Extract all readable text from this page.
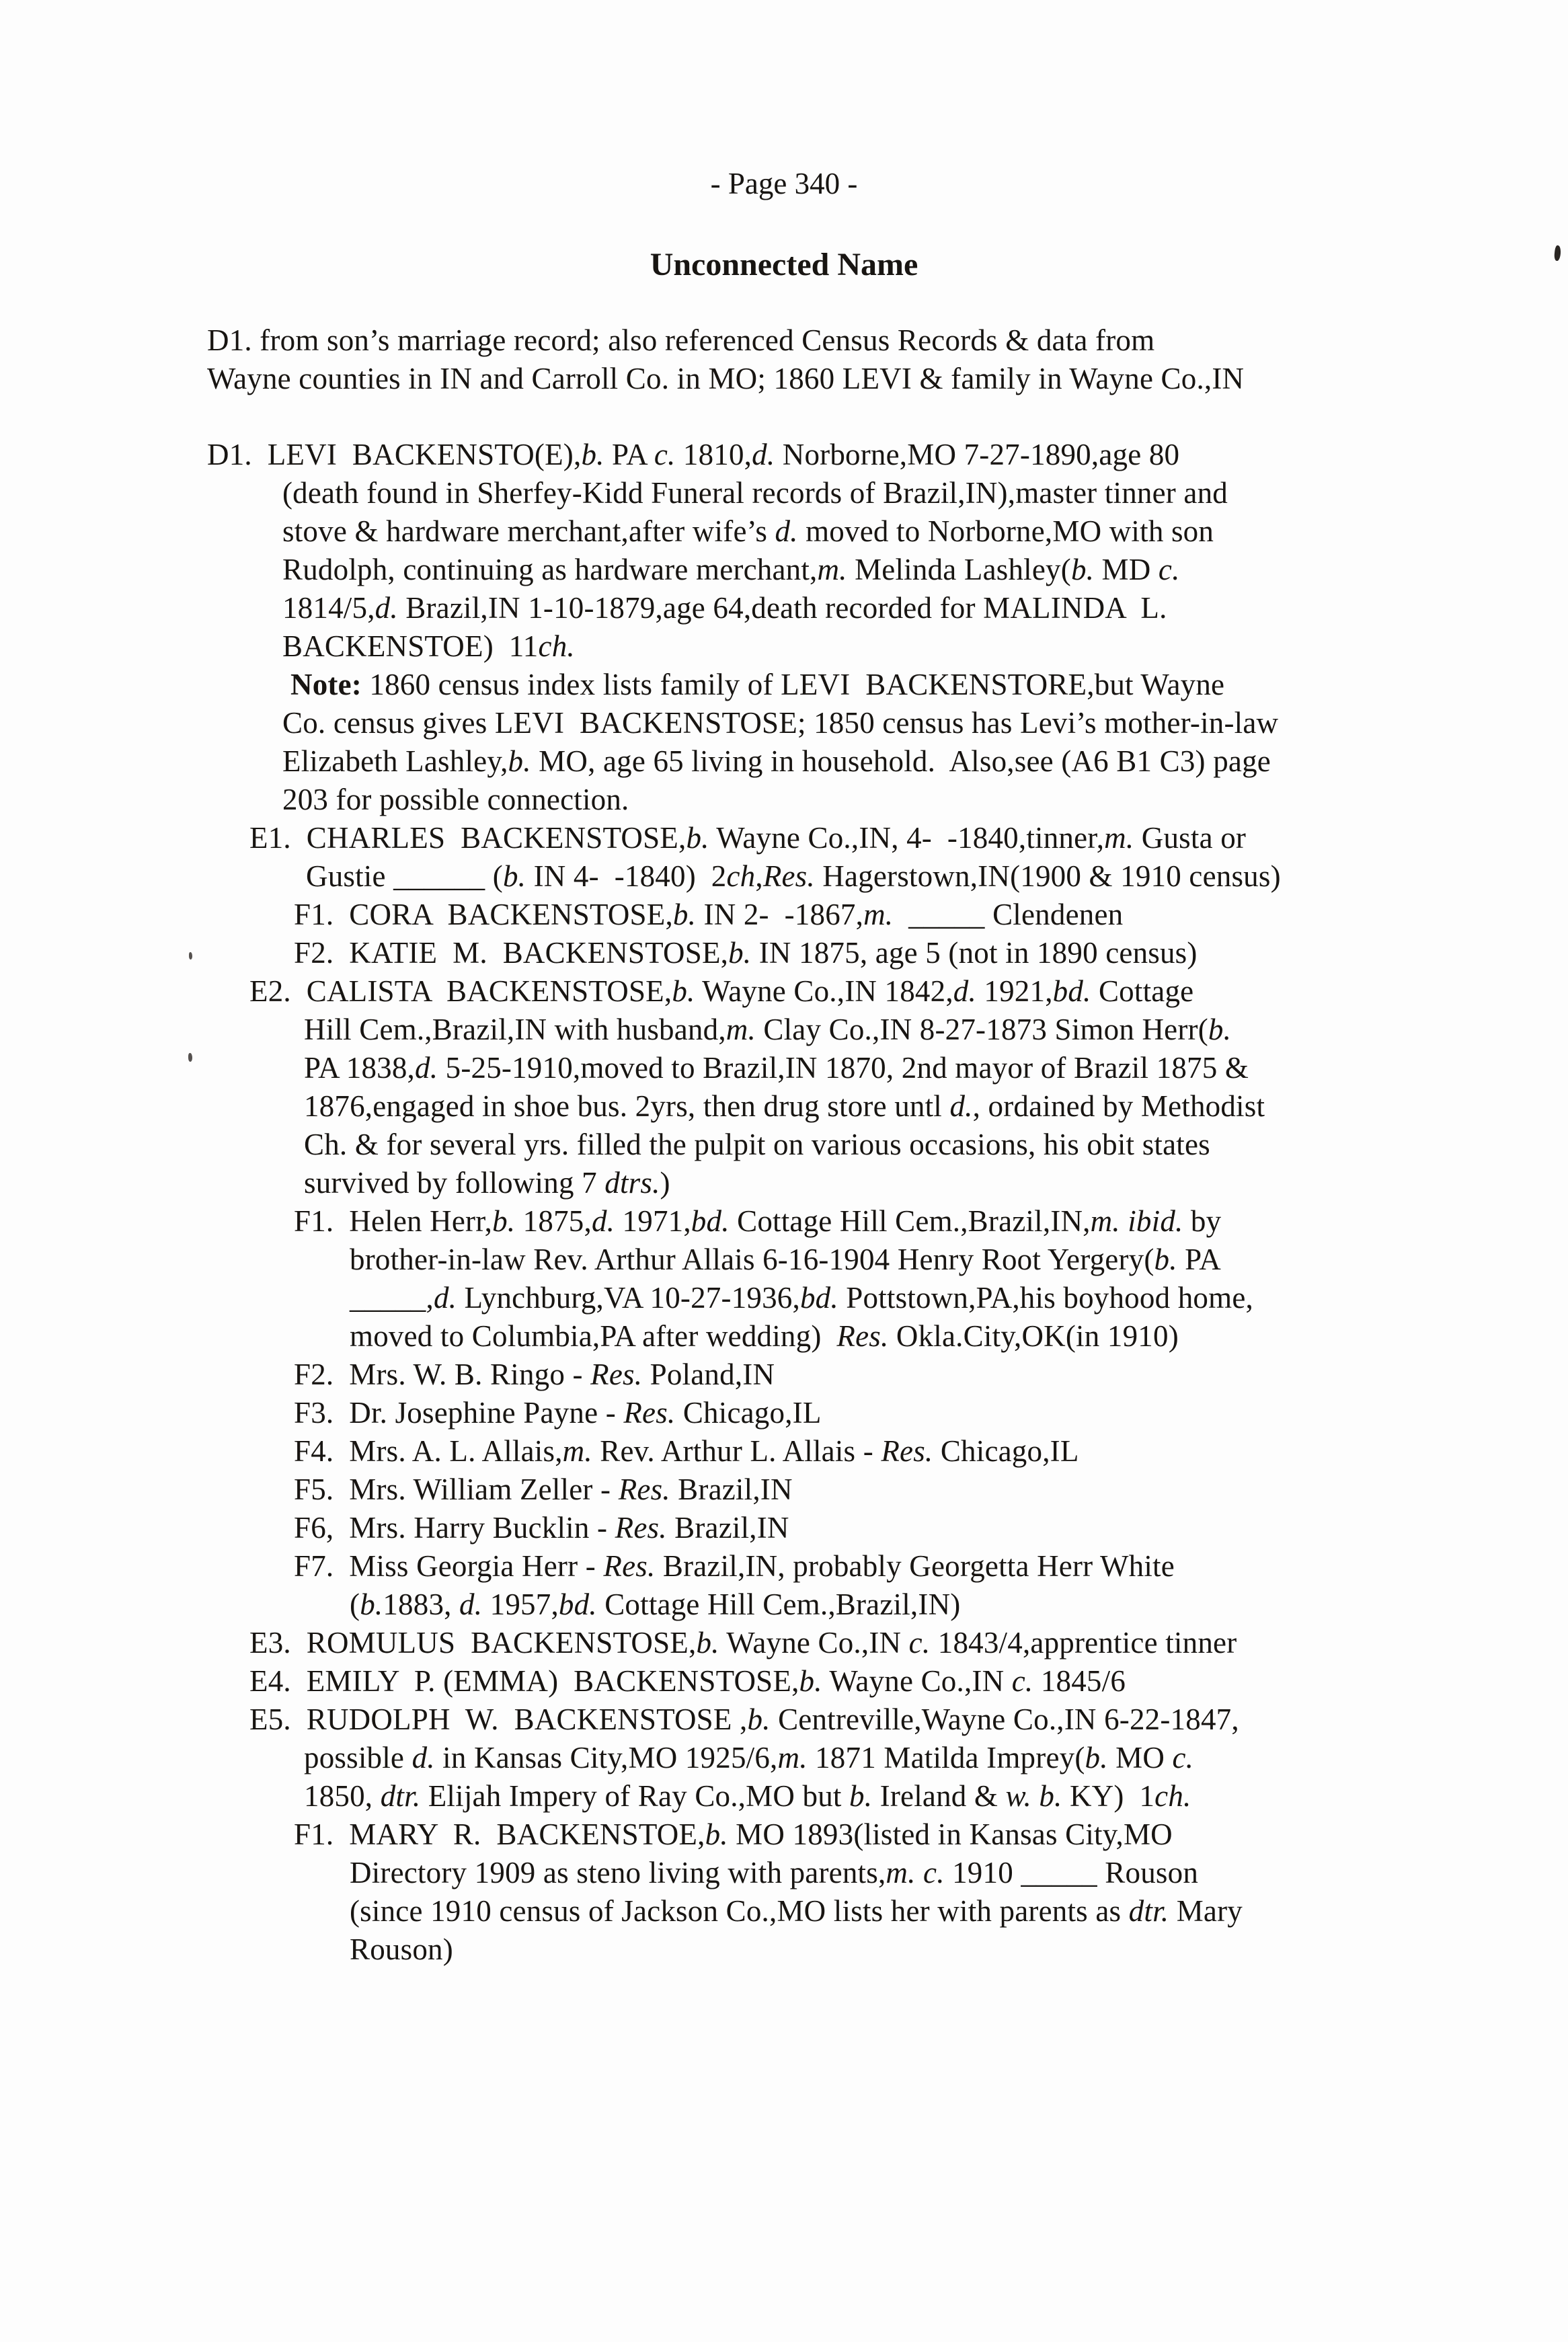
- Page 340 -
Unconnected Name
D1. from son’s marriage record; also referenced Census Records & data from
Wayne counties in IN and Carroll Co. in MO; 1860 LEVI & family in Wayne Co.,IN
D1.  LEVI  BACKENSTO(E),b. PA c. 1810,d. Norborne,MO 7-27-1890,age 80
(death found in Sherfey-Kidd Funeral records of Brazil,IN),master tinner and
stove & hardware merchant,after wife’s d. moved to Norborne,MO with son
Rudolph, continuing as hardware merchant,m. Melinda Lashley(b. MD c.
1814/5,d. Brazil,IN 1-10-1879,age 64,death recorded for MALINDA  L.
BACKENSTOE)  11ch.
Note: 1860 census index lists family of LEVI  BACKENSTORE,but Wayne
Co. census gives LEVI  BACKENSTOSE; 1850 census has Levi’s mother-in-law
Elizabeth Lashley,b. MO, age 65 living in household.  Also,see (A6 B1 C3) page
203 for possible connection.
E1.  CHARLES  BACKENSTOSE,b. Wayne Co.,IN, 4-  -1840,tinner,m. Gusta or
Gustie ______ (b. IN 4-  -1840)  2ch,Res. Hagerstown,IN(1900 & 1910 census)
F1.  CORA  BACKENSTOSE,b. IN 2-  -1867,m.  _____ Clendenen
F2.  KATIE  M.  BACKENSTOSE,b. IN 1875, age 5 (not in 1890 census)
E2.  CALISTA  BACKENSTOSE,b. Wayne Co.,IN 1842,d. 1921,bd. Cottage
Hill Cem.,Brazil,IN with husband,m. Clay Co.,IN 8-27-1873 Simon Herr(b.
PA 1838,d. 5-25-1910,moved to Brazil,IN 1870, 2nd mayor of Brazil 1875 &
1876,engaged in shoe bus. 2yrs, then drug store untl d., ordained by Methodist
Ch. & for several yrs. filled the pulpit on various occasions, his obit states
survived by following 7 dtrs.)
F1.  Helen Herr,b. 1875,d. 1971,bd. Cottage Hill Cem.,Brazil,IN,m. ibid. by
brother-in-law Rev. Arthur Allais 6-16-1904 Henry Root Yergery(b. PA
_____,d. Lynchburg,VA 10-27-1936,bd. Pottstown,PA,his boyhood home,
moved to Columbia,PA after wedding)  Res. Okla.City,OK(in 1910)
F2.  Mrs. W. B. Ringo - Res. Poland,IN
F3.  Dr. Josephine Payne - Res. Chicago,IL
F4.  Mrs. A. L. Allais,m. Rev. Arthur L. Allais - Res. Chicago,IL
F5.  Mrs. William Zeller - Res. Brazil,IN
F6,  Mrs. Harry Bucklin - Res. Brazil,IN
F7.  Miss Georgia Herr - Res. Brazil,IN, probably Georgetta Herr White
(b.1883, d. 1957,bd. Cottage Hill Cem.,Brazil,IN)
E3.  ROMULUS  BACKENSTOSE,b. Wayne Co.,IN c. 1843/4,apprentice tinner
E4.  EMILY  P. (EMMA)  BACKENSTOSE,b. Wayne Co.,IN c. 1845/6
E5.  RUDOLPH  W.  BACKENSTOSE ,b. Centreville,Wayne Co.,IN 6-22-1847,
possible d. in Kansas City,MO 1925/6,m. 1871 Matilda Imprey(b. MO c.
1850, dtr. Elijah Impery of Ray Co.,MO but b. Ireland & w. b. KY)  1ch.
F1.  MARY  R.  BACKENSTOE,b. MO 1893(listed in Kansas City,MO
Directory 1909 as steno living with parents,m. c. 1910 _____ Rouson
(since 1910 census of Jackson Co.,MO lists her with parents as dtr. Mary
Rouson)
